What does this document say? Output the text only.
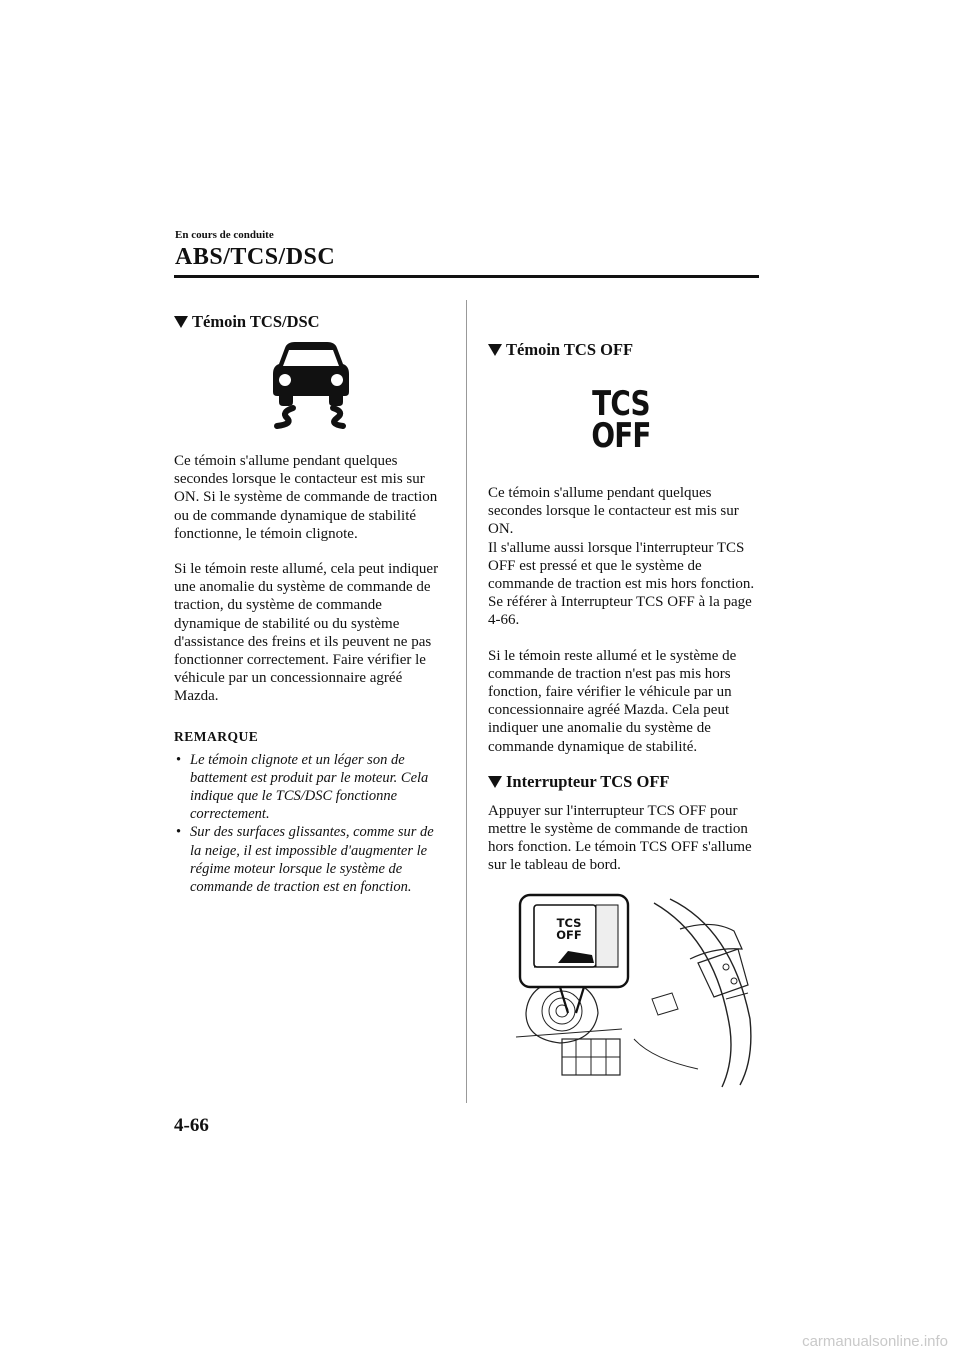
En cours de conduite
ABS/TCS/DSC
Témoin TCS/DSC

Ce témoin s'allume pendant quelques secondes lorsque le contacteur est mis sur ON. Si le système de commande de traction ou de commande dynamique de stabilité fonctionne, le témoin clignote.

Si le témoin reste allumé, cela peut indiquer une anomalie du système de commande de traction, du système de commande dynamique de stabilité ou du système d'assistance des freins et ils peuvent ne pas fonctionner correctement. Faire vérifier le véhicule par un concessionnaire agréé Mazda.

REMARQUE

• Le témoin clignote et un léger son de battement est produit par le moteur. Cela indique que le TCS/DSC fonctionne correctement.
• Sur des surfaces glissantes, comme sur de la neige, il est impossible d'augmenter le régime moteur lorsque le système de commande de traction est en fonction.
Témoin TCS OFF
TCS
OFF

Ce témoin s'allume pendant quelques secondes lorsque le contacteur est mis sur ON.

Il s'allume aussi lorsque l'interrupteur TCS OFF est pressé et que le système de commande de traction est mis hors fonction.

Se référer à Interrupteur TCS OFF à la page 4-66.

Si le témoin reste allumé et le système de commande de traction n'est pas mis hors fonction, faire vérifier le véhicule par un concessionnaire agréé Mazda. Cela peut indiquer une anomalie du système de commande dynamique de stabilité.

Interrupteur TCS OFF

Appuyer sur l'interrupteur TCS OFF pour mettre le système de commande de traction hors fonction. Le témoin TCS OFF s'allume sur le tableau de bord.

TCS
OFF
4-66
carmanualsonline.info
